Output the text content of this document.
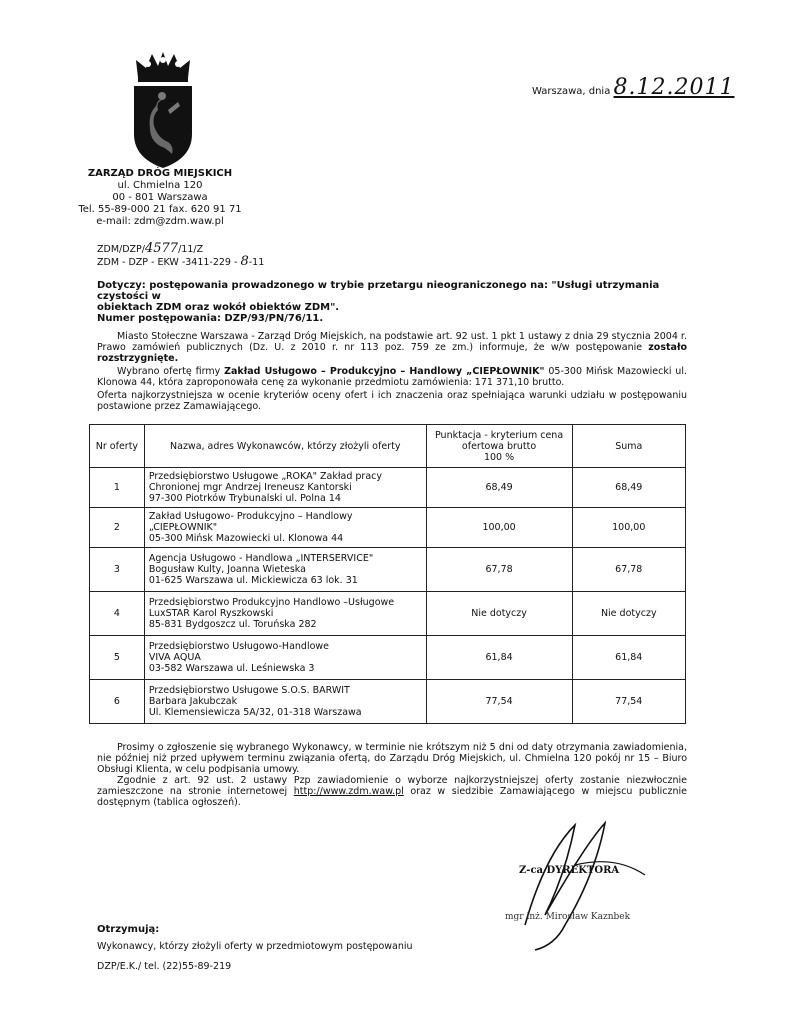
ZARZĄD DRÓG MIEJSKICH
ul. Chmielna 120
00 - 801 Warszawa
Tel. 55-89-000 21 fax. 620 91 71
e-mail: zdm@zdm.waw.pl
Warszawa, dnia 8.12.2011
ZDM/DZP/4577/11/Z
ZDM - DZP - EKW -3411-229 - 8-11
Dotyczy: postępowania prowadzonego w trybie przetargu nieograniczonego na: "Usługi utrzymania czystości w
obiektach ZDM oraz wokół obiektów ZDM".
Numer postępowania: DZP/93/PN/76/11.
Miasto Stołeczne Warszawa - Zarząd Dróg Miejskich, na podstawie art. 92 ust. 1 pkt 1 ustawy z dnia 29 stycznia 2004 r. Prawo zamówień publicznych (Dz. U. z 2010 r. nr 113 poz. 759 ze zm.) informuje, że w/w postępowanie zostało rozstrzygnięte.
Wybrano ofertę firmy Zakład Usługowo – Produkcyjno – Handlowy „CIEPŁOWNIK" 05-300 Mińsk Mazowiecki ul. Klonowa 44, która zaproponowała cenę za wykonanie przedmiotu zamówienia: 171 371,10 brutto.
Oferta najkorzystniejsza w ocenie kryteriów oceny ofert i ich znaczenia oraz spełniająca warunki udziału w postępowaniu postawione przez Zamawiającego.
Nr oferty	Nazwa, adres Wykonawców, którzy złożyli oferty	Punktacja - kryterium cena
ofertowa brutto
100 %	Suma
1	Przedsiębiorstwo Usługowe „ROKA" Zakład pracy
Chronionej mgr Andrzej Ireneusz Kantorski
97-300 Piotrków Trybunalski ul. Polna 14	68,49	68,49
2	Zakład Usługowo- Produkcyjno – Handlowy
„CIEPŁOWNIK"
05-300 Mińsk Mazowiecki ul. Klonowa 44	100,00	100,00
3	Agencja Usługowo - Handlowa „INTERSERVICE"
Bogusław Kulty, Joanna Wieteska
01-625 Warszawa ul. Mickiewicza 63 lok. 31	67,78	67,78
4	Przedsiębiorstwo Produkcyjno Handlowo –Usługowe
LuxSTAR Karol Ryszkowski
85-831 Bydgoszcz ul. Toruńska 282	Nie dotyczy	Nie dotyczy
5	Przedsiębiorstwo Usługowo-Handlowe
VIVA AQUA
03-582 Warszawa ul. Leśniewska 3	61,84	61,84
6	Przedsiębiorstwo Usługowe S.O.S. BARWIT
Barbara Jakubczak
Ul. Klemensiewicza 5A/32, 01-318 Warszawa	77,54	77,54
Prosimy o zgłoszenie się wybranego Wykonawcy, w terminie nie krótszym niż 5 dni od daty otrzymania zawiadomienia, nie później niż przed upływem terminu związania ofertą, do Zarządu Dróg Miejskich, ul. Chmielna 120 pokój nr 15 – Biuro Obsługi Klienta, w celu podpisania umowy.
Zgodnie z art. 92 ust. 2 ustawy Pzp zawiadomienie o wyborze najkorzystniejszej oferty zostanie niezwłocznie zamieszczone na stronie internetowej http://www.zdm.waw.pl oraz w siedzibie Zamawiającego w miejscu publicznie dostępnym (tablica ogłoszeń).
Z-ca DYREKTORA
mgr inż. Mirosław Kaznbek
Otrzymują:
Wykonawcy, którzy złożyli oferty w przedmiotowym postępowaniu
DZP/E.K./ tel. (22)55-89-219
